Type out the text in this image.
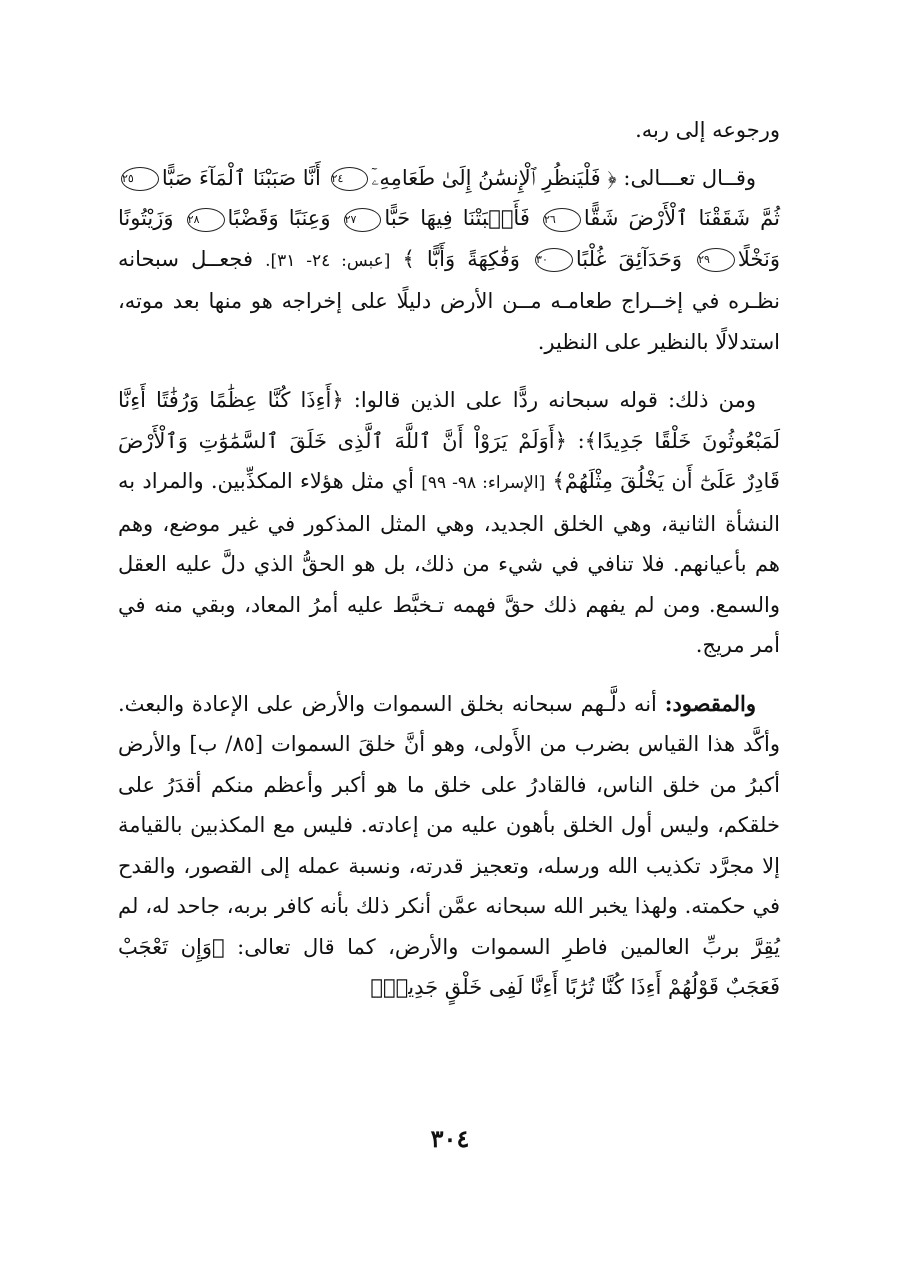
ورجوعه إلى ربه.

وقــال تعـــالى: ﴿ فَلْيَنظُرِ ٱلْإِنسَٰنُ إِلَىٰ طَعَامِهِۦٓ٢٤ أَنَّا صَبَبْنَا ٱلْمَآءَ صَبًّا٢٥ ثُمَّ شَقَقْنَا ٱلْأَرْضَ شَقًّا٢٦ فَأَنۢبَتْنَا فِيهَا حَبًّا٢٧ وَعِنَبًا وَقَضْبًا٢٨ وَزَيْتُونًا وَنَخْلًا٢٩ وَحَدَآئِقَ غُلْبًا٣٠ وَفَٰكِهَةً وَأَبًّا ﴾ [عبس: ٢٤- ٣١]. فجعــل سبحانه نظـره في إخــراج طعامـه مــن الأرض دليلًا على إخراجه هو منها بعد موته، استدلالًا بالنظير على النظير.

ومن ذلك: قوله سبحانه ردًّا على الذين قالوا: ﴿أَءِذَا كُنَّا عِظَٰمًا وَرُفَٰتًا أَءِنَّا لَمَبْعُوثُونَ خَلْقًا جَدِيدًا﴾: ﴿أَوَلَمْ يَرَوْاْ أَنَّ ٱللَّهَ ٱلَّذِى خَلَقَ ٱلسَّمَٰوَٰتِ وَٱلْأَرْضَ قَادِرٌ عَلَىٰٓ أَن يَخْلُقَ مِثْلَهُمْ﴾ [الإسراء: ٩٨- ٩٩] أي مثل هؤلاء المكذِّبين. والمراد به النشأة الثانية، وهي الخلق الجديد، وهي المثل المذكور في غير موضع، وهم هم بأعيانهم. فلا تنافي في شيء من ذلك، بل هو الحقُّ الذي دلَّ عليه العقل والسمع. ومن لم يفهم ذلك حقَّ فهمه تـخبَّط عليه أمرُ المعاد، وبقي منه في أمر مريج.

والمقصود: أنه دلَّـهم سبحانه بخلق السموات والأرض على الإعادة والبعث. وأكَّد هذا القياس بضرب من الأَولى، وهو أنَّ خلقَ السموات [٨٥/ ب] والأرض أكبرُ من خلق الناس، فالقادرُ على خلق ما هو أكبر وأعظم منكم أقدَرُ على خلقكم، وليس أول الخلق بأهون عليه من إعادته. فليس مع المكذبين بالقيامة إلا مجرَّد تكذيب الله ورسله، وتعجيز قدرته، ونسبة عمله إلى القصور، والقدح في حكمته. ولهذا يخبر الله سبحانه عمَّن أنكر ذلك بأنه كافر بربه، جاحد له، لم يُقِرَّ بربِّ العالمين فاطرِ السموات والأرض، كما قال تعالى: ﴿وَإِن تَعْجَبْ فَعَجَبٌ قَوْلُهُمْ أَءِذَا كُنَّا تُرَٰبًا أَءِنَّا لَفِى خَلْقٍ جَدِيدٍۗ

٣٠٤
